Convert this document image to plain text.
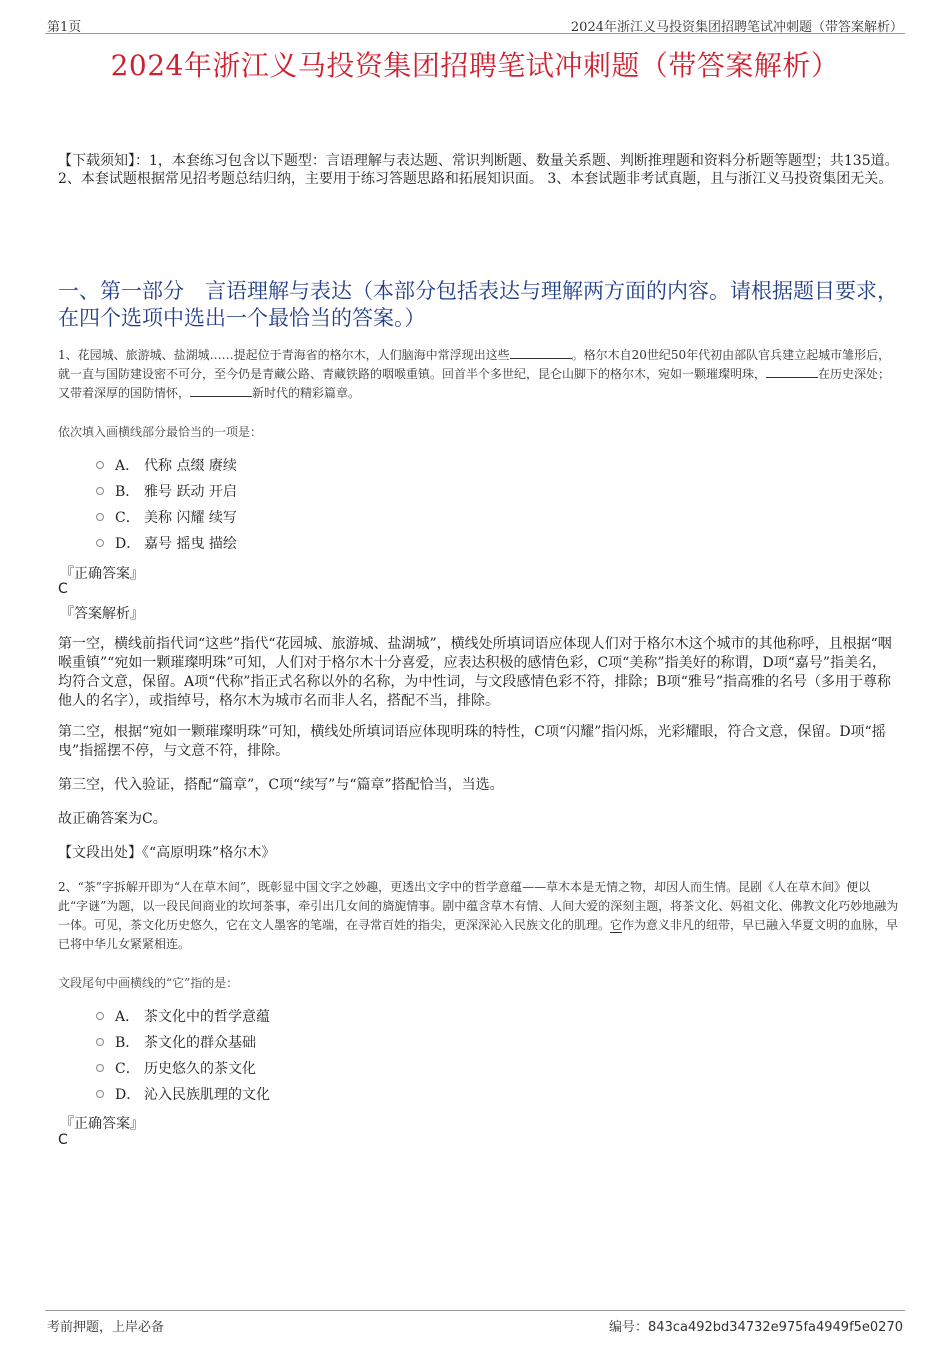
第1页	2024年浙江义马投资集团招聘笔试冲刺题（带答案解析）
2024年浙江义马投资集团招聘笔试冲刺题（带答案解析）
【下载须知】：1，本套练习包含以下题型：言语理解与表达题、常识判断题、数量关系题、判断推理题和资料分析题等题型；共135道。 2、本套试题根据常见招考题总结归纳，主要用于练习答题思路和拓展知识面。 3、本套试题非考试真题，且与浙江义马投资集团无关。
一、第一部分　言语理解与表达（本部分包括表达与理解两方面的内容。请根据题目要求，在四个选项中选出一个最恰当的答案。）
1、花园城、旅游城、盐湖城……提起位于青海省的格尔木，人们脑海中常浮现出这些	。格尔木自20世纪50年代初由部队官兵建立起城市雏形后，就一直与国防建设密不可分，至今仍是青藏公路、青藏铁路的咽喉重镇。回首半个多世纪，昆仑山脚下的格尔木，宛如一颗璀璨明珠，	在历史深处；又带着深厚的国防情怀，	新时代的精彩篇章。
依次填入画横线部分最恰当的一项是：
A． 代称 点缀 赓续
B． 雅号 跃动 开启
C． 美称 闪耀 续写
D． 嘉号 摇曳 描绘
『正确答案』
C
『答案解析』
第一空，横线前指代词“这些”指代“花园城、旅游城、盐湖城”，横线处所填词语应体现人们对于格尔木这个城市的其他称呼，且根据“咽喉重镇”“宛如一颗璀璨明珠”可知，人们对于格尔木十分喜爱，应表达积极的感情色彩，C项“美称”指美好的称谓，D项“嘉号”指美名，均符合文意，保留。A项“代称”指正式名称以外的名称，为中性词，与文段感情色彩不符，排除；B项“雅号”指高雅的名号（多用于尊称他人的名字），或指绰号，格尔木为城市名而非人名，搭配不当，排除。
第二空，根据“宛如一颗璀璨明珠”可知，横线处所填词语应体现明珠的特性，C项“闪耀”指闪烁，光彩耀眼，符合文意，保留。D项“摇曳”指摇摆不停，与文意不符，排除。
第三空，代入验证，搭配“篇章”，C项“续写”与“篇章”搭配恰当，当选。
故正确答案为C。
【文段出处】《“高原明珠”格尔木》
2、“茶”字拆解开即为“人在草木间”，既彰显中国文字之妙趣，更透出文字中的哲学意蕴——草木本是无情之物，却因人而生情。昆剧《人在草木间》便以此“字谜”为题，以一段民间商业的坎坷茶事，牵引出几女间的旖旎情事。剧中蕴含草木有情、人间大爱的深刻主题，将茶文化、妈祖文化、佛教文化巧妙地融为一体。可见，茶文化历史悠久，它在文人墨客的笔端，在寻常百姓的指尖，更深深沁入民族文化的肌理。它作为意义非凡的纽带，早已融入华夏文明的血脉，早已将中华儿女紧紧相连。
文段尾句中画横线的“它”指的是：
A． 茶文化中的哲学意蕴
B． 茶文化的群众基础
C． 历史悠久的茶文化
D． 沁入民族肌理的文化
『正确答案』
C
考前押题，上岸必备	编号：843ca492bd34732e975fa4949f5e0270
